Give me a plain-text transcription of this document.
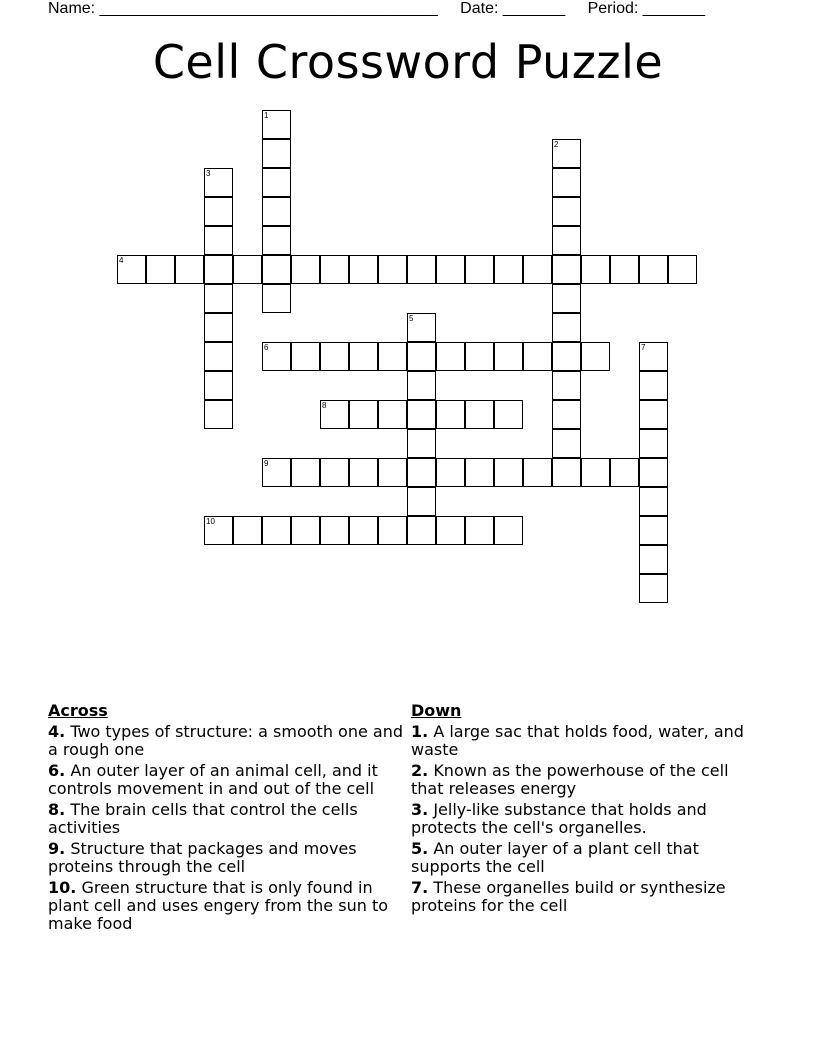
Name: ______________________________________ Date: _______ Period: _______
Cell Crossword Puzzle
1
2
3
4
5
6	7
8
9
10
Across
4. Two types of structure: a smooth one and a rough one
6. An outer layer of an animal cell, and it controls movement in and out of the cell
8. The brain cells that control the cells activities
9. Structure that packages and moves proteins through the cell
10. Green structure that is only found in plant cell and uses engery from the sun to make food
Down
1. A large sac that holds food, water, and waste
2. Known as the powerhouse of the cell that releases energy
3. Jelly-like substance that holds and protects the cell's organelles.
5. An outer layer of a plant cell that supports the cell
7. These organelles build or synthesize proteins for the cell
